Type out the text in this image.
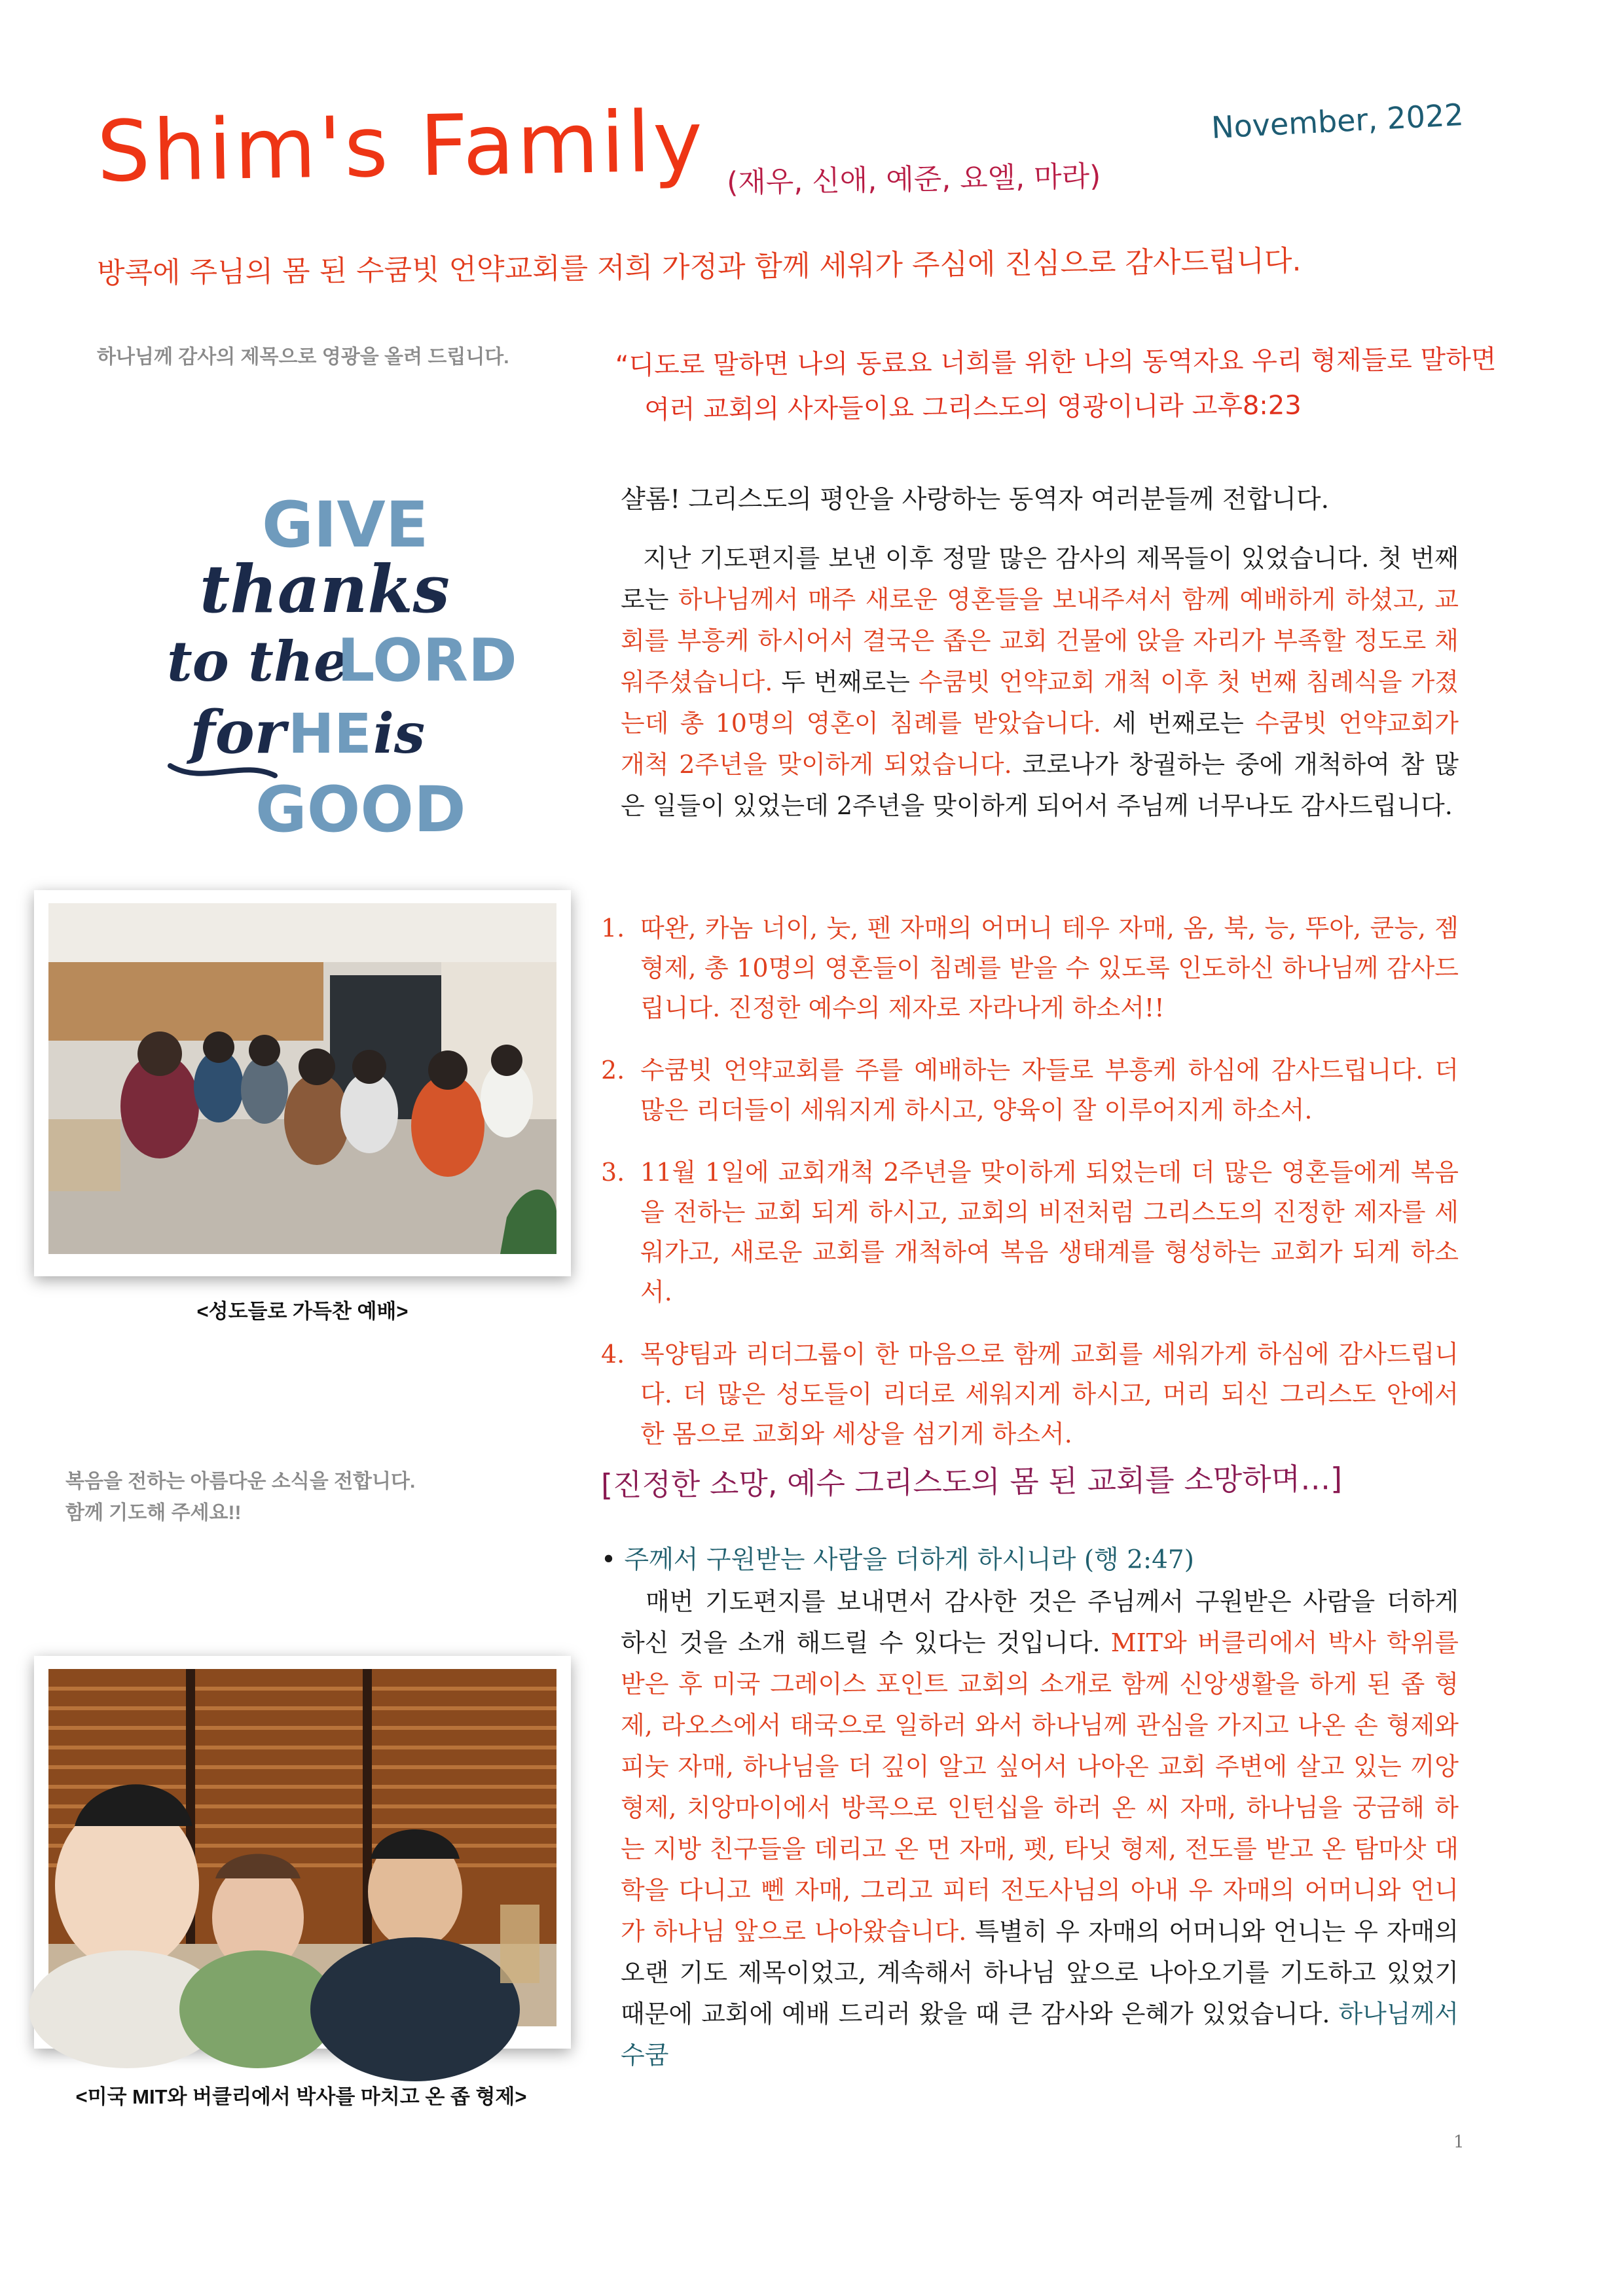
Shim's Family (재우, 신애, 예준, 요엘, 마라)
November, 2022
방콕에 주님의 몸 된 수쿰빗 언약교회를 저희 가정과 함께 세워가 주심에 진심으로 감사드립니다.
하나님께 감사의 제목으로 영광을 올려 드립니다.	“디도로 말하면 나의 동료요 너희를 위한 나의 동역자요 우리 형제들로 말하면
여러 교회의 사자들이요 그리스도의 영광이니라 고후8:23
GIVE
thanks
to the
LORD
for HE is
GOOD
샬롬! 그리스도의 평안을 사랑하는 동역자 여러분들께 전합니다.
지난 기도편지를 보낸 이후 정말 많은 감사의 제목들이 있었습니다. 첫 번째로는 하나님께서 매주 새로운 영혼들을 보내주셔서 함께 예배하게 하셨고, 교회를 부흥케 하시어서 결국은 좁은 교회 건물에 앉을 자리가 부족할 정도로 채워주셨습니다. 두 번째로는 수쿰빗 언약교회 개척 이후 첫 번째 침례식을 가졌는데 총 10명의 영혼이 침례를 받았습니다. 세 번째로는 수쿰빗 언약교회가 개척 2주년을 맞이하게 되었습니다. 코로나가 창궐하는 중에 개척하여 참 많은 일들이 있었는데 2주년을 맞이하게 되어서 주님께 너무나도 감사드립니다.
<성도들로 가득찬 예배>
1. 따완, 카놈 너이, 눗, 펜 자매의 어머니 테우 자매, 옴, 북, 능, 뚜아, 쿤능, 젬 형제, 총 10명의 영혼들이 침례를 받을 수 있도록 인도하신 하나님께 감사드립니다. 진정한 예수의 제자로 자라나게 하소서!!
2. 수쿰빗 언약교회를 주를 예배하는 자들로 부흥케 하심에 감사드립니다. 더 많은 리더들이 세워지게 하시고, 양육이 잘 이루어지게 하소서.
3. 11월 1일에 교회개척 2주년을 맞이하게 되었는데 더 많은 영혼들에게 복음을 전하는 교회 되게 하시고, 교회의 비전처럼 그리스도의 진정한 제자를 세워가고, 새로운 교회를 개척하여 복음 생태계를 형성하는 교회가 되게 하소서.
4. 목양팀과 리더그룹이 한 마음으로 함께 교회를 세워가게 하심에 감사드립니다. 더 많은 성도들이 리더로 세워지게 하시고, 머리 되신 그리스도 안에서 한 몸으로 교회와 세상을 섬기게 하소서.
복음을 전하는 아름다운 소식을 전합니다.
함께 기도해 주세요!!
[진정한 소망, 예수 그리스도의 몸 된 교회를 소망하며…]
• 주께서 구원받는 사람을 더하게 하시니라 (행 2:47)
매번 기도편지를 보내면서 감사한 것은 주님께서 구원받은 사람을 더하게 하신 것을 소개 해드릴 수 있다는 것입니다. MIT와 버클리에서 박사 학위를 받은 후 미국 그레이스 포인트 교회의 소개로 함께 신앙생활을 하게 된 좁 형제, 라오스에서 태국으로 일하러 와서 하나님께 관심을 가지고 나온 손 형제와 피눗 자매, 하나님을 더 깊이 알고 싶어서 나아온 교회 주변에 살고 있는 끼앙 형제, 치앙마이에서 방콕으로 인턴십을 하러 온 씨 자매, 하나님을 궁금해 하는 지방 친구들을 데리고 온 먼 자매, 펫, 타닛 형제, 전도를 받고 온 탐마삿 대학을 다니고 뻰 자매, 그리고 피터 전도사님의 아내 우 자매의 어머니와 언니가 하나님 앞으로 나아왔습니다. 특별히 우 자매의 어머니와 언니는 우 자매의 오랜 기도 제목이었고, 계속해서 하나님 앞으로 나아오기를 기도하고 있었기 때문에 교회에 예배 드리러 왔을 때 큰 감사와 은혜가 있었습니다. 하나님께서 수쿰
<미국 MIT와 버클리에서 박사를 마치고 온 좁 형제>
1
